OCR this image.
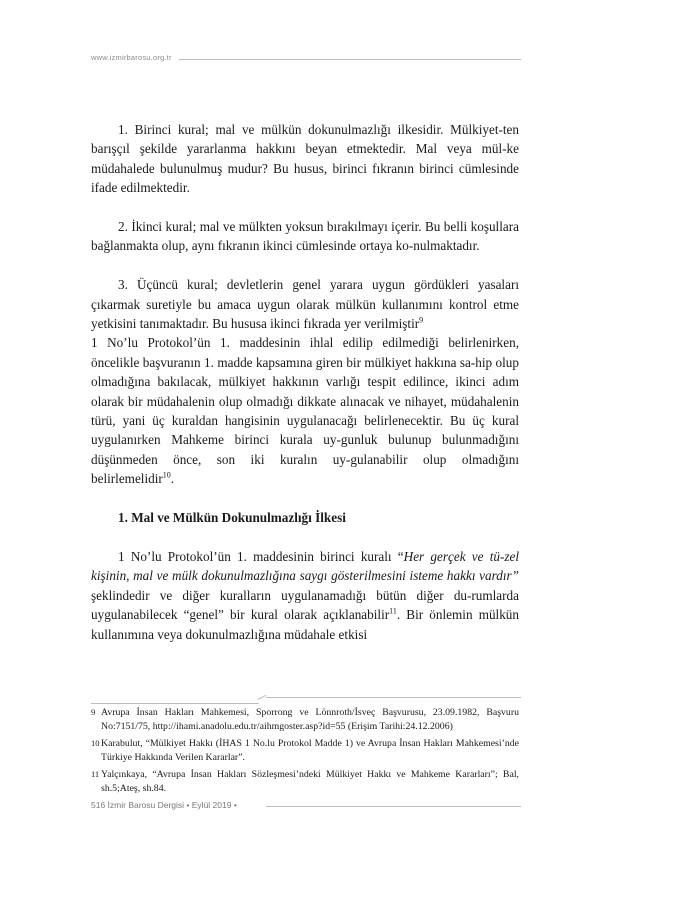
www.izmirbarosu.org.tr

1. Birinci kural; mal ve mülkün dokunulmazlığı ilkesidir. Mülkiyet-ten barışçıl şekilde yararlanma hakkını beyan etmektedir. Mal veya mül-ke müdahalede bulunulmuş mudur? Bu husus, birinci fıkranın birinci cümlesinde ifade edilmektedir.

2. İkinci kural; mal ve mülkten yoksun bırakılmayı içerir. Bu belli koşullara bağlanmakta olup, aynı fıkranın ikinci cümlesinde ortaya ko-nulmaktadır.

3. Üçüncü kural; devletlerin genel yarara uygun gördükleri yasaları çıkarmak suretiyle bu amaca uygun olarak mülkün kullanımını kontrol etme yetkisini tanımaktadır. Bu hususa ikinci fıkrada yer verilmiştir$^9$

1 No’lu Protokol’ün 1. maddesinin ihlal edilip edilmediği belirlenirken, öncelikle başvuranın 1. madde kapsamına giren bir mülkiyet hakkına sa-hip olup olmadığına bakılacak, mülkiyet hakkının varlığı tespit edilince, ikinci adım olarak bir müdahalenin olup olmadığı dikkate alınacak ve nihayet, müdahalenin türü, yani üç kuraldan hangisinin uygulanacağı belirlenecektir. Bu üç kural uygulanırken Mahkeme birinci kurala uy-gunluk bulunup bulunmadığını düşünmeden önce, son iki kuralın uy-gulanabilir olup olmadığını belirlemelidir$^{10}$.

1. Mal ve Mülkün Dokunulmazlığı İlkesi

1 No’lu Protokol’ün 1. maddesinin birinci kuralı “Her gerçek ve tü-zel kişinin, mal ve mülk dokunulmazlığına saygı gösterilmesini isteme hakkı vardır” şeklindedir ve diğer kuralların uygulanamadığı bütün diğer du-rumlarda uygulanabilecek “genel” bir kural olarak açıklanabilir$^{11}$. Bir önlemin mülkün kullanımına veya dokunulmazlığına müdahale etkisi

9 Avrupa İnsan Hakları Mahkemesi, Sporrong ve Lönnroth/İsveç Başvurusu, 23.09.1982, Başvuru No:7151/75, http://ihami.anadolu.edu.tr/aihmgoster.asp?id=55 (Erişim Tarihi:24.12.2006)
10 Karabulut, “Mülkiyet Hakkı (İHAS 1 No.lu Protokol Madde 1) ve Avrupa İnsan Hakları Mahkemesi’nde Türkiye Hakkında Verilen Kararlar”.
11 Yalçınkaya, “Avrupa İnsan Hakları Sözleşmesi’ndeki Mülkiyet Hakkı ve Mahkeme Kararları”; Bal, sh.5;Ateş, sh.84.
516 İzmir Barosu Dergisi • Eylül 2019 •
